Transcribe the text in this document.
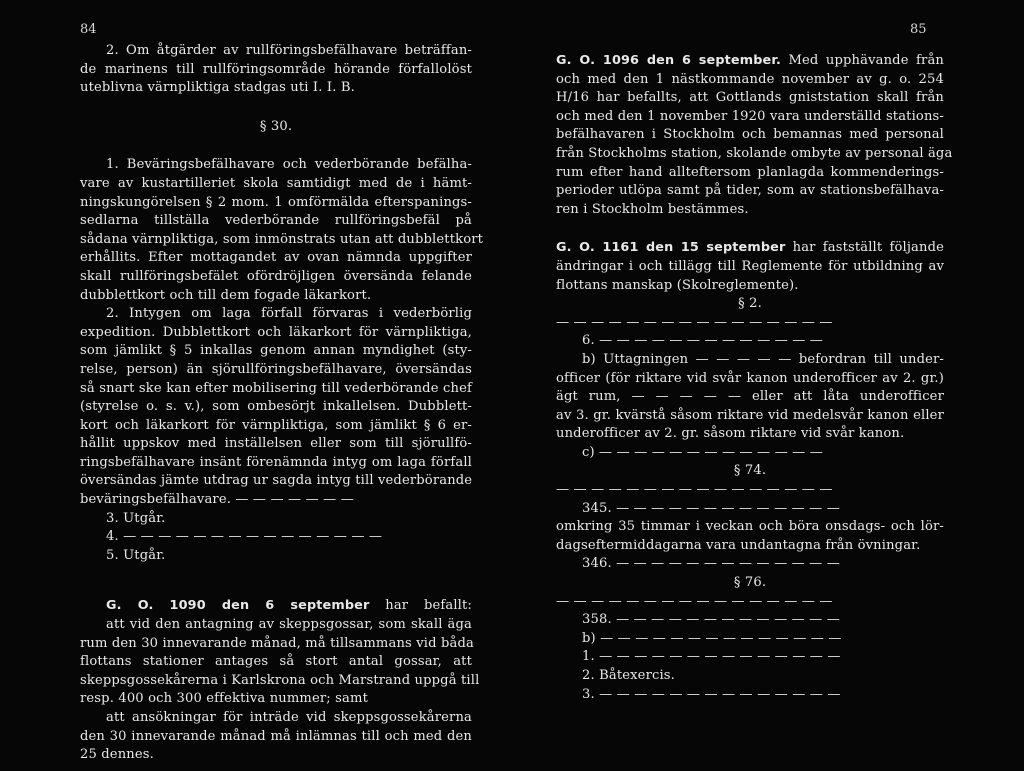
84

2. Om åtgärder av rullföringsbefälhavare beträffan-

de marinens till rullföringsområde hörande förfallolöst

uteblivna värnpliktiga stadgas uti I. I. B.

§ 30.

1. Beväringsbefälhavare och vederbörande befälha-

vare av kustartilleriet skola samtidigt med de i hämt-

ningskungörelsen § 2 mom. 1 omförmälda efterspanings-

sedlarna tillställa vederbörande rullföringsbefäl på

sådana värnpliktiga, som inmönstrats utan att dubblettkort

erhållits. Efter mottagandet av ovan nämnda uppgifter

skall rullföringsbefälet ofördröjligen översända felande

dubblettkort och till dem fogade läkarkort.

2. Intygen om laga förfall förvaras i vederbörlig

expedition. Dubblettkort och läkarkort för värnpliktiga,

som jämlikt § 5 inkallas genom annan myndighet (sty-

relse, person) än sjörullföringsbefälhavare, översändas

så snart ske kan efter mobilisering till vederbörande chef

(styrelse o. s. v.), som ombesörjt inkallelsen. Dubblett-

kort och läkarkort för värnpliktiga, som jämlikt § 6 er-

hållit uppskov med inställelsen eller som till sjörullfö-

ringsbefälhavare insänt förenämnda intyg om laga förfall

översändas jämte utdrag ur sagda intyg till vederbörande

beväringsbefälhavare. — — — — — — —

3. Utgår.

4. — — — — — — — — — — — — — — —

5. Utgår.

G. O. 1090 den 6 september har befallt:

att vid den antagning av skeppsgossar, som skall äga

rum den 30 innevarande månad, må tillsammans vid båda

flottans stationer antages så stort antal gossar, att

skeppsgossekårerna i Karlskrona och Marstrand uppgå till

resp. 400 och 300 effektiva nummer; samt

att ansökningar för inträde vid skeppsgossekårerna

den 30 innevarande månad må inlämnas till och med den

25 dennes.

85

G. O. 1096 den 6 september. Med upphävande från

och med den 1 nästkommande november av g. o. 254

H/16 har befallts, att Gottlands gniststation skall från

och med den 1 november 1920 vara underställd stations-

befälhavaren i Stockholm och bemannas med personal

från Stockholms station, skolande ombyte av personal äga

rum efter hand allteftersom planlagda kommenderings-

perioder utlöpa samt på tider, som av stationsbefälhava-

ren i Stockholm bestämmes.

G. O. 1161 den 15 september har fastställt följande

ändringar i och tillägg till Reglemente för utbildning av

flottans manskap (Skolreglemente).

§ 2.

— — — — — — — — — — — — — — — —

6. — — — — — — — — — — — — —

b) Uttagningen — — — — — befordran till under-

officer (för riktare vid svår kanon underofficer av 2. gr.)

ägt rum, — — — — — eller att låta underofficer

av 3. gr. kvärstå såsom riktare vid medelsvår kanon eller

underofficer av 2. gr. såsom riktare vid svår kanon.

c) — — — — — — — — — — — — —

§ 74.

— — — — — — — — — — — — — — — —

345. — — — — — — — — — — — — —

omkring 35 timmar i veckan och böra onsdags- och lör-

dagseftermiddagarna vara undantagna från övningar.

346. — — — — — — — — — — — — —

§ 76.

— — — — — — — — — — — — — — — —

358. — — — — — — — — — — — — —

b) — — — — — — — — — — — — — —

1. — — — — — — — — — — — — — —

2. Båtexercis.

3. — — — — — — — — — — — — — —
